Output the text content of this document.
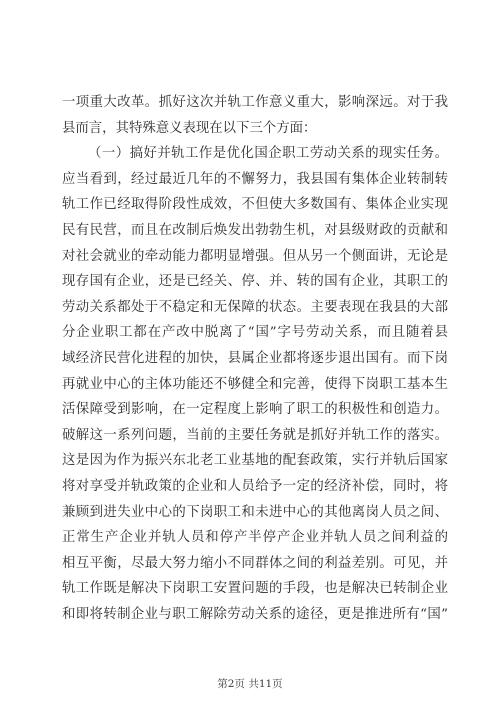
一项重大改革。抓好这次并轨工作意义重大，影响深远。对于我
县而言，其特殊意义表现在以下三个方面：
（一）搞好并轨工作是优化国企职工劳动关系的现实任务。
应当看到，经过最近几年的不懈努力，我县国有集体企业转制转
轨工作已经取得阶段性成效，不但使大多数国有、集体企业实现
民有民营，而且在改制后焕发出勃勃生机，对县级财政的贡献和
对社会就业的牵动能力都明显增强。但从另一个侧面讲，无论是
现存国有企业，还是已经关、停、并、转的国有企业，其职工的
劳动关系都处于不稳定和无保障的状态。主要表现在我县的大部
分企业职工都在产改中脱离了“国”字号劳动关系，而且随着县
域经济民营化进程的加快，县属企业都将逐步退出国有。而下岗
再就业中心的主体功能还不够健全和完善，使得下岗职工基本生
活保障受到影响，在一定程度上影响了职工的积极性和创造力。
破解这一系列问题，当前的主要任务就是抓好并轨工作的落实。
这是因为作为振兴东北老工业基地的配套政策，实行并轨后国家
将对享受并轨政策的企业和人员给予一定的经济补偿，同时，将
兼顾到进失业中心的下岗职工和未进中心的其他离岗人员之间、
正常生产企业并轨人员和停产半停产企业并轨人员之间利益的
相互平衡，尽最大努力缩小不同群体之间的利益差别。可见，并
轨工作既是解决下岗职工安置问题的手段，也是解决已转制企业
和即将转制企业与职工解除劳动关系的途径，更是推进所有“国”
第2页 共11页
